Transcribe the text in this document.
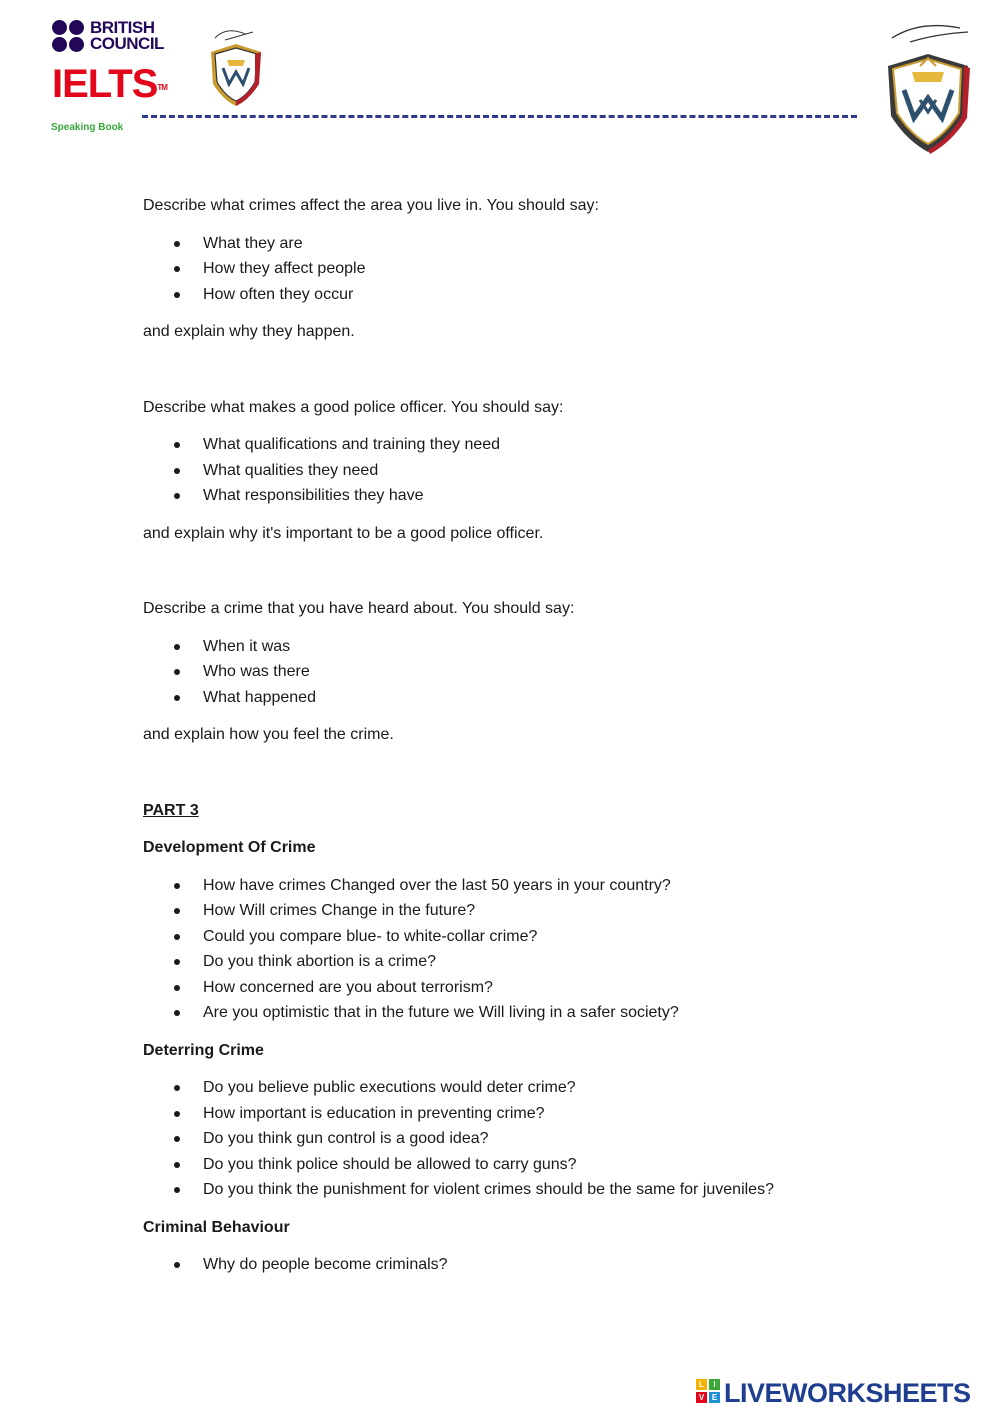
BRITISH
COUNCIL
IELTS™
Speaking Book

Describe what crimes affect the area you live in. You should say:

What they are
How they affect people
How often they occur

and explain why they happen.

Describe what makes a good police officer. You should say:

What qualifications and training they need
What qualities they need
What responsibilities they have

and explain why it's important to be a good police officer.

Describe a crime that you have heard about. You should say:

When it was
Who was there
What happened

and explain how you feel the crime.

PART 3

Development Of Crime

How have crimes Changed over the last 50 years in your country?
How Will crimes Change in the future?
Could you compare blue- to white-collar crime?
Do you think abortion is a crime?
How concerned are you about terrorism?
Are you optimistic that in the future we Will living in a safer society?

Deterring Crime

Do you believe public executions would deter crime?
How important is education in preventing crime?
Do you think gun control is a good idea?
Do you think police should be allowed to carry guns?
Do you think the punishment for violent crimes should be the same for juveniles?

Criminal Behaviour

Why do people become criminals?
L	I
V E LIVEWORKSHEETS
